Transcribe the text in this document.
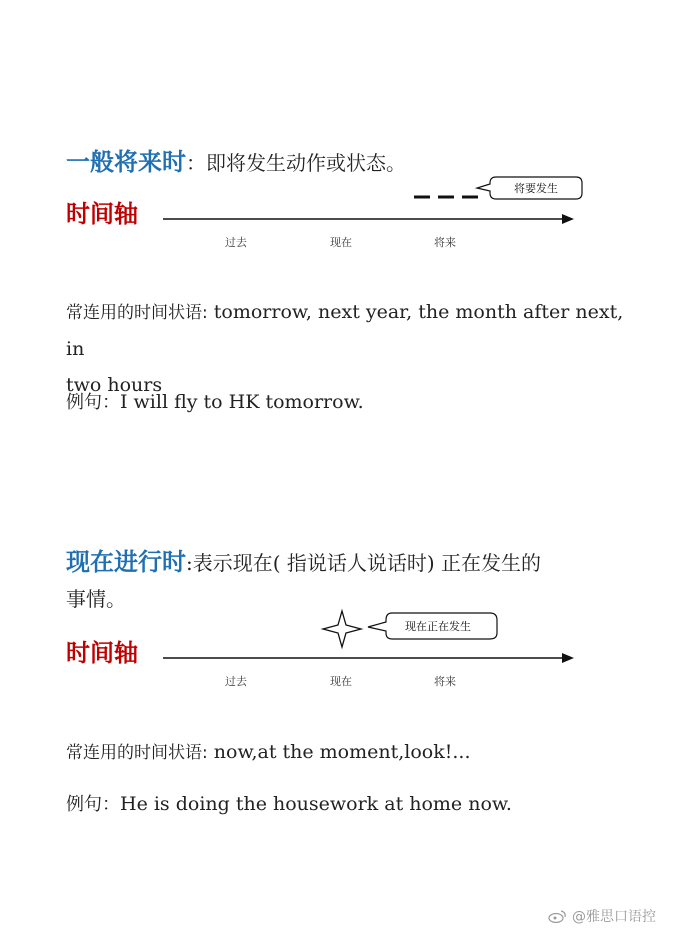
一般将来时：即将发生动作或状态。
时间轴
将要发生
过去	现在	将来
常连用的时间状语: tomorrow, next year, the month after next, in
two hours
例句：I will fly to HK tomorrow.
现在进行时:表示现在( 指说话人说话时) 正在发生的
事情。
时间轴
现在正在发生
过去	现在	将来
常连用的时间状语: now,at the moment,look!...
例句：He is doing the housework at home now.
@雅思口语控
